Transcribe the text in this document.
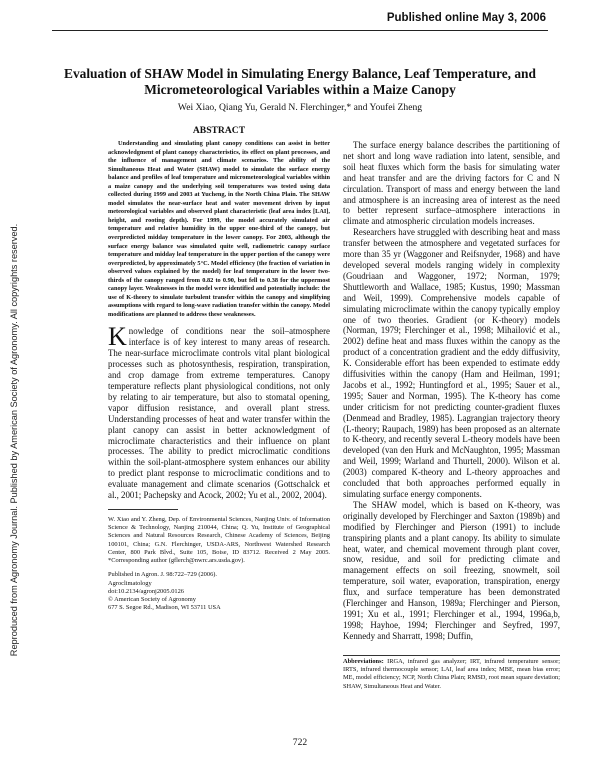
Published online May 3, 2006
Reproduced from Agronomy Journal. Published by American Society of Agronomy. All copyrights reserved.
Evaluation of SHAW Model in Simulating Energy Balance, Leaf Temperature, and Micrometeorological Variables within a Maize Canopy
Wei Xiao, Qiang Yu, Gerald N. Flerchinger,* and Youfei Zheng
ABSTRACT

Understanding and simulating plant canopy conditions can assist in better acknowledgment of plant canopy characteristics, its effect on plant processes, and the influence of management and climate scenarios. The ability of the Simultaneous Heat and Water (SHAW) model to simulate the surface energy balance and profiles of leaf temperature and micrometeorological variables within a maize canopy and the underlying soil temperatures was tested using data collected during 1999 and 2003 at Yucheng, in the North China Plain. The SHAW model simulates the near-surface heat and water movement driven by input meteorological variables and observed plant characteristic (leaf area index [LAI], height, and rooting depth). For 1999, the model accurately simulated air temperature and relative humidity in the upper one-third of the canopy, but overpredicted midday temperature in the lower canopy. For 2003, although the surface energy balance was simulated quite well, radiometric canopy surface temperature and midday leaf temperature in the upper portion of the canopy were overpredicted, by approximately 5°C. Model efficiency (the fraction of variation in observed values explained by the model) for leaf temperature in the lower two-thirds of the canopy ranged from 0.82 to 0.90, but fell to 0.38 for the uppermost canopy layer. Weaknesses in the model were identified and potentially include: the use of K-theory to simulate turbulent transfer within the canopy and simplifying assumptions with regard to long-wave radiation transfer within the canopy. Model modifications are planned to address these weaknesses.

Knowledge of conditions near the soil–atmosphere interface is of key interest to many areas of research. The near-surface microclimate controls vital plant biological processes such as photosynthesis, respiration, transpiration, and crop damage from extreme temperatures. Canopy temperature reflects plant physiological conditions, not only by relating to air temperature, but also to stomatal opening, vapor diffusion resistance, and overall plant stress. Understanding processes of heat and water transfer within the plant canopy can assist in better acknowledgment of microclimate characteristics and their influence on plant processes. The ability to predict microclimatic conditions within the soil-plant-atmosphere system enhances our ability to predict plant response to microclimatic conditions and to evaluate management and climate scenarios (Gottschalck et al., 2001; Pachepsky and Acock, 2002; Yu et al., 2002, 2004).

W. Xiao and Y. Zheng, Dep. of Environmental Sciences, Nanjing Univ. of Information Science & Technology, Nanjing 210044, China; Q. Yu, Institute of Geographical Sciences and Natural Resources Research, Chinese Academy of Sciences, Beijing 100101, China; G.N. Flerchinger, USDA-ARS, Northwest Watershed Research Center, 800 Park Blvd., Suite 105, Boise, ID 83712. Received 2 May 2005. *Corresponding author (gflerch@nwrc.ars.usda.gov).

Published in Agron. J. 98:722–729 (2006).
Agroclimatology
doi:10.2134/agronj2005.0126
© American Society of Agronomy
677 S. Segoe Rd., Madison, WI 53711 USA

The surface energy balance describes the partitioning of net short and long wave radiation into latent, sensible, and soil heat fluxes which form the basis for simulating water and heat transfer and are the driving factors for C and N circulation. Transport of mass and energy between the land and atmosphere is an increasing area of interest as the need to better represent surface–atmosphere interactions in climate and atmospheric circulation models increases.

Researchers have struggled with describing heat and mass transfer between the atmosphere and vegetated surfaces for more than 35 yr (Waggoner and Reifsnyder, 1968) and have developed several models ranging widely in complexity (Goudriaan and Waggoner, 1972; Norman, 1979; Shuttleworth and Wallace, 1985; Kustus, 1990; Massman and Weil, 1999). Comprehensive models capable of simulating microclimate within the canopy typically employ one of two theories. Gradient (or K-theory) models (Norman, 1979; Flerchinger et al., 1998; Mihailović et al., 2002) define heat and mass fluxes within the canopy as the product of a concentration gradient and the eddy diffusivity, K. Considerable effort has been expended to estimate eddy diffusivities within the canopy (Ham and Heilman, 1991; Jacobs et al., 1992; Huntingford et al., 1995; Sauer et al., 1995; Sauer and Norman, 1995). The K-theory has come under criticism for not predicting counter-gradient fluxes (Denmead and Bradley, 1985). Lagrangian trajectory theory (L-theory; Raupach, 1989) has been proposed as an alternate to K-theory, and recently several L-theory models have been developed (van den Hurk and McNaughton, 1995; Massman and Weil, 1999; Warland and Thurtell, 2000). Wilson et al. (2003) compared K-theory and L-theory approaches and concluded that both approaches performed equally in simulating surface energy components.

The SHAW model, which is based on K-theory, was originally developed by Flerchinger and Saxton (1989b) and modified by Flerchinger and Pierson (1991) to include transpiring plants and a plant canopy. Its ability to simulate heat, water, and chemical movement through plant cover, snow, residue, and soil for predicting climate and management effects on soil freezing, snowmelt, soil temperature, soil water, evaporation, transpiration, energy flux, and surface temperature has been demonstrated (Flerchinger and Hanson, 1989a; Flerchinger and Pierson, 1991; Xu et al., 1991; Flerchinger et al., 1994, 1996a,b, 1998; Hayhoe, 1994; Flerchinger and Seyfred, 1997, Kennedy and Sharratt, 1998; Duffin,

Abbreviations: IRGA, infrared gas analyzer; IRT, infrared temperature sensor; IRTS, infrared thermocouple sensor; LAI, leaf area index; MBE, mean bias error; ME, model efficiency; NCP, North China Plain; RMSD, root mean square deviation; SHAW, Simultaneous Heat and Water.

722
